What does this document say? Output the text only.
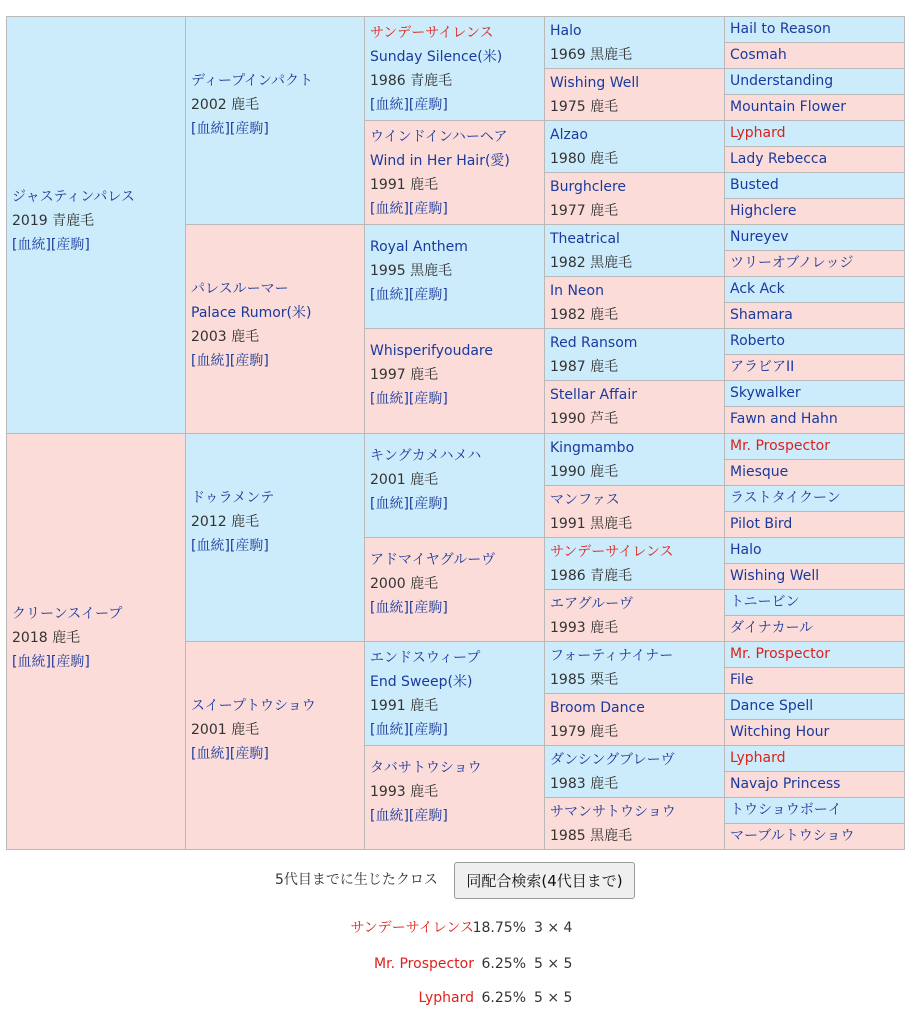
ジャスティンパレス
2019 青鹿毛
[血統][産駒]
クリーンスイープ
2018 鹿毛
[血統][産駒]
ディープインパクト
2002 鹿毛
[血統][産駒]
パレスルーマー
Palace Rumor(米)
2003 鹿毛
[血統][産駒]
ドゥラメンテ
2012 鹿毛
[血統][産駒]
スイープトウショウ
2001 鹿毛
[血統][産駒]
サンデーサイレンス
Sunday Silence(米)
1986 青鹿毛
[血統][産駒]
ウインドインハーヘア
Wind in Her Hair(愛)
1991 鹿毛
[血統][産駒]
Royal Anthem
1995 黒鹿毛
[血統][産駒]
Whisperifyoudare
1997 鹿毛
[血統][産駒]
キングカメハメハ
2001 鹿毛
[血統][産駒]
アドマイヤグルーヴ
2000 鹿毛
[血統][産駒]
エンドスウィープ
End Sweep(米)
1991 鹿毛
[血統][産駒]
タバサトウショウ
1993 鹿毛
[血統][産駒]
Halo
1969 黒鹿毛
Wishing Well
1975 鹿毛
Alzao
1980 鹿毛
Burghclere
1977 鹿毛
Theatrical
1982 黒鹿毛
In Neon
1982 鹿毛
Red Ransom
1987 鹿毛
Stellar Affair
1990 芦毛
Kingmambo
1990 鹿毛
マンファス
1991 黒鹿毛
サンデーサイレンス
1986 青鹿毛
エアグルーヴ
1993 鹿毛
フォーティナイナー
1985 栗毛
Broom Dance
1979 鹿毛
ダンシングブレーヴ
1983 鹿毛
サマンサトウショウ
1985 黒鹿毛
Hail to Reason
Cosmah
Understanding
Mountain Flower
Lyphard
Lady Rebecca
Busted
Highclere
Nureyev
ツリーオブノレッジ
Ack Ack
Shamara
Roberto
アラビアII
Skywalker
Fawn and Hahn
Mr. Prospector
Miesque
ラストタイクーン
Pilot Bird
Halo
Wishing Well
トニービン
ダイナカール
Mr. Prospector
File
Dance Spell
Witching Hour
Lyphard
Navajo Princess
トウショウボーイ
マーブルトウショウ
5代目までに生じたクロス	同配合検索(4代目まで)
サンデーサイレンス
18.75% 3 × 4
Mr. Prospector 6.25% 5 × 5
Lyphard 6.25% 5 × 5
